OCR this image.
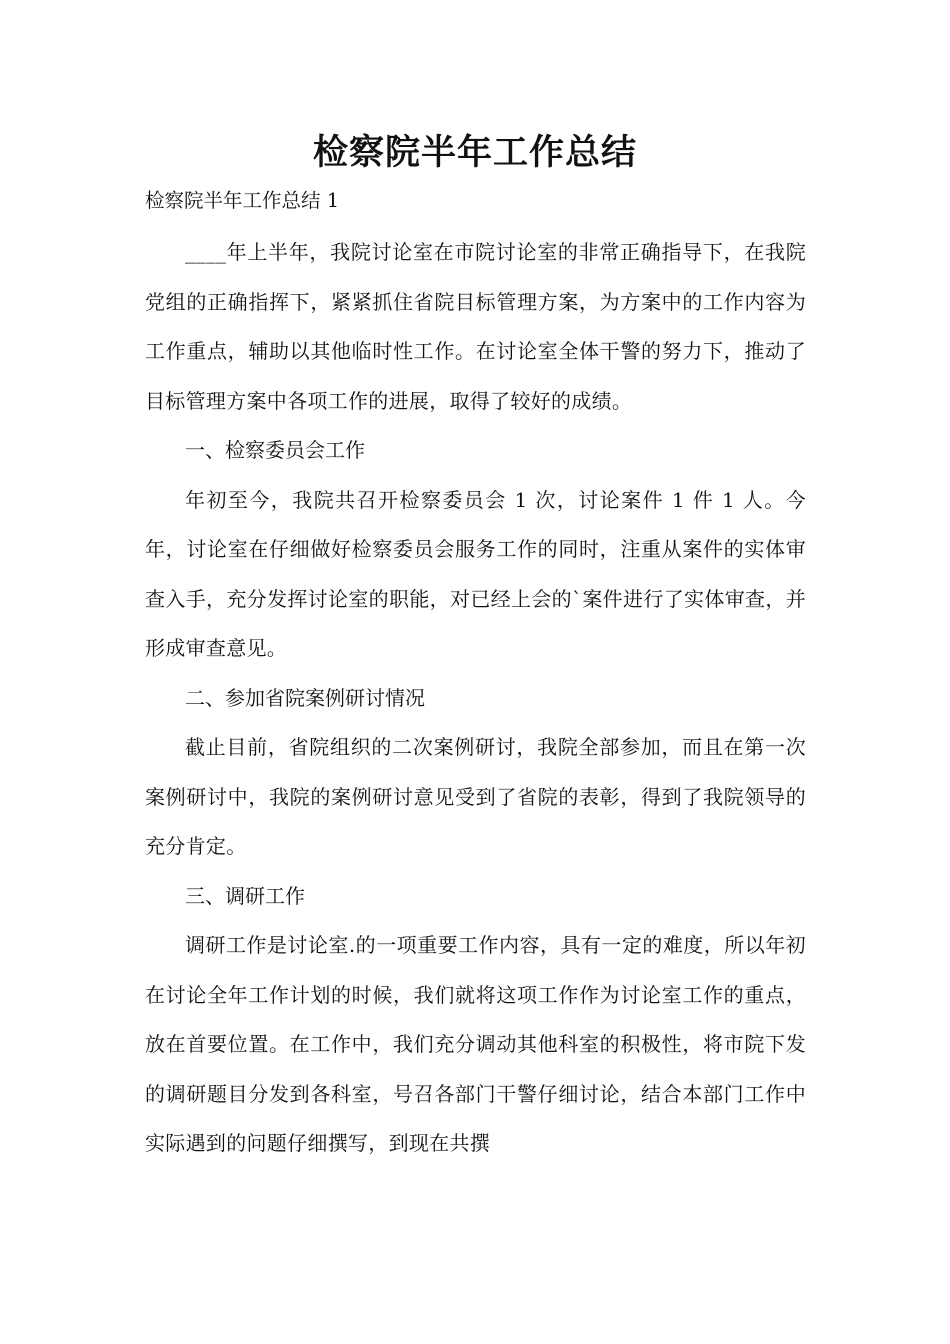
检察院半年工作总结

检察院半年工作总结 1

____年上半年，我院讨论室在市院讨论室的非常正确指导下，在我院党组的正确指挥下，紧紧抓住省院目标管理方案，为方案中的工作内容为工作重点，辅助以其他临时性工作。在讨论室全体干警的努力下，推动了目标管理方案中各项工作的进展，取得了较好的成绩。

一、检察委员会工作

年初至今，我院共召开检察委员会 1 次，讨论案件 1 件 1 人。今年，讨论室在仔细做好检察委员会服务工作的同时，注重从案件的实体审查入手，充分发挥讨论室的职能，对已经上会的`案件进行了实体审查，并形成审查意见。

二、参加省院案例研讨情况

截止目前，省院组织的二次案例研讨，我院全部参加，而且在第一次案例研讨中，我院的案例研讨意见受到了省院的表彰，得到了我院领导的充分肯定。

三、调研工作

调研工作是讨论室.的一项重要工作内容，具有一定的难度，所以年初在讨论全年工作计划的时候，我们就将这项工作作为讨论室工作的重点，放在首要位置。在工作中，我们充分调动其他科室的积极性，将市院下发的调研题目分发到各科室，号召各部门干警仔细讨论，结合本部门工作中实际遇到的问题仔细撰写，到现在共撰
